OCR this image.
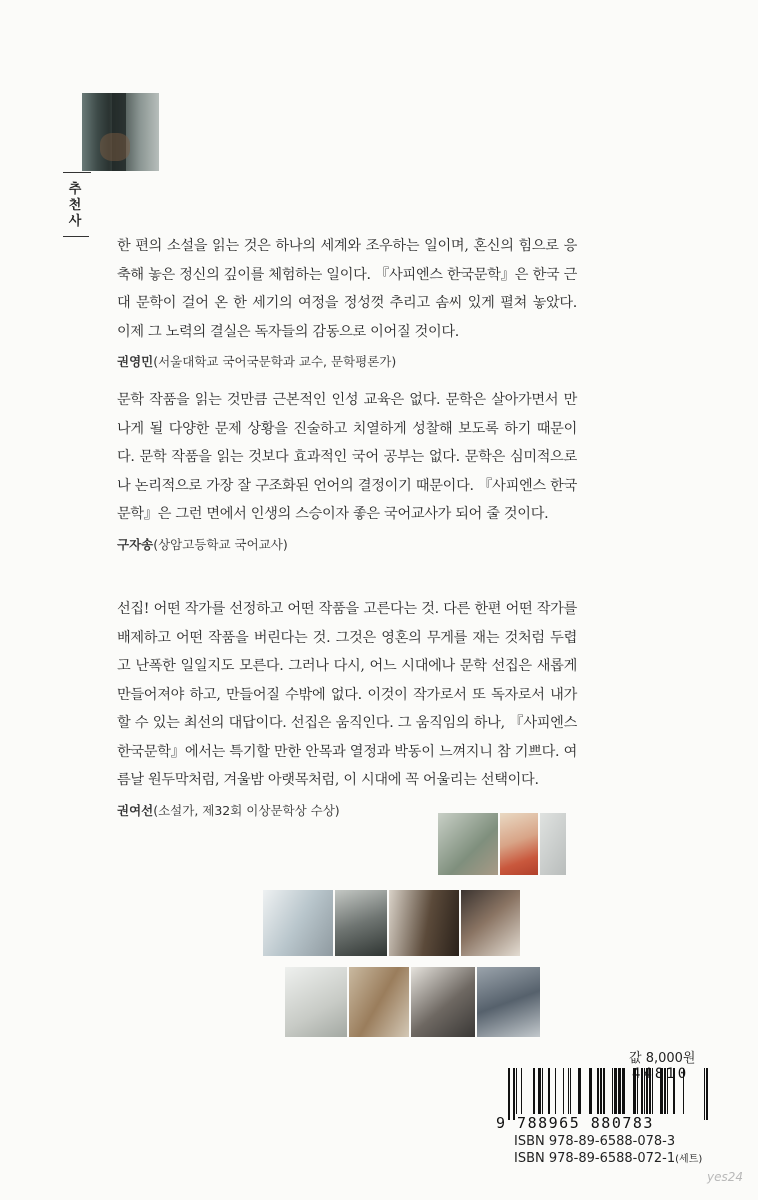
추천사

한 편의 소설을 읽는 것은 하나의 세계와 조우하는 일이며, 혼신의 힘으로 응축해 놓은 정신의 깊이를 체험하는 일이다. 『사피엔스 한국문학』은 한국 근대 문학이 걸어 온 한 세기의 여정을 정성껏 추리고 솜씨 있게 펼쳐 놓았다. 이제 그 노력의 결실은 독자들의 감동으로 이어질 것이다.

권영민(서울대학교 국어국문학과 교수, 문학평론가)

문학 작품을 읽는 것만큼 근본적인 인성 교육은 없다. 문학은 살아가면서 만나게 될 다양한 문제 상황을 진술하고 치열하게 성찰해 보도록 하기 때문이다. 문학 작품을 읽는 것보다 효과적인 국어 공부는 없다. 문학은 심미적으로나 논리적으로 가장 잘 구조화된 언어의 결정이기 때문이다. 『사피엔스 한국문학』은 그런 면에서 인생의 스승이자 좋은 국어교사가 되어 줄 것이다.

구자송(상암고등학교 국어교사)

선집! 어떤 작가를 선정하고 어떤 작품을 고른다는 것. 다른 한편 어떤 작가를 배제하고 어떤 작품을 버린다는 것. 그것은 영혼의 무게를 재는 것처럼 두렵고 난폭한 일일지도 모른다. 그러나 다시, 어느 시대에나 문학 선집은 새롭게 만들어져야 하고, 만들어질 수밖에 없다. 이것이 작가로서 또 독자로서 내가 할 수 있는 최선의 대답이다. 선집은 움직인다. 그 움직임의 하나, 『사피엔스 한국문학』에서는 특기할 만한 안목과 열정과 박동이 느껴지니 참 기쁘다. 여름날 원두막처럼, 겨울밤 아랫목처럼, 이 시대에 꼭 어울리는 선택이다.

권여선(소설가, 제32회 이상문학상 수상)
값 8,000원
44810
9 788965 880783
ISBN 978-89-6588-078-3
ISBN 978-89-6588-072-1(세트)
yes24
